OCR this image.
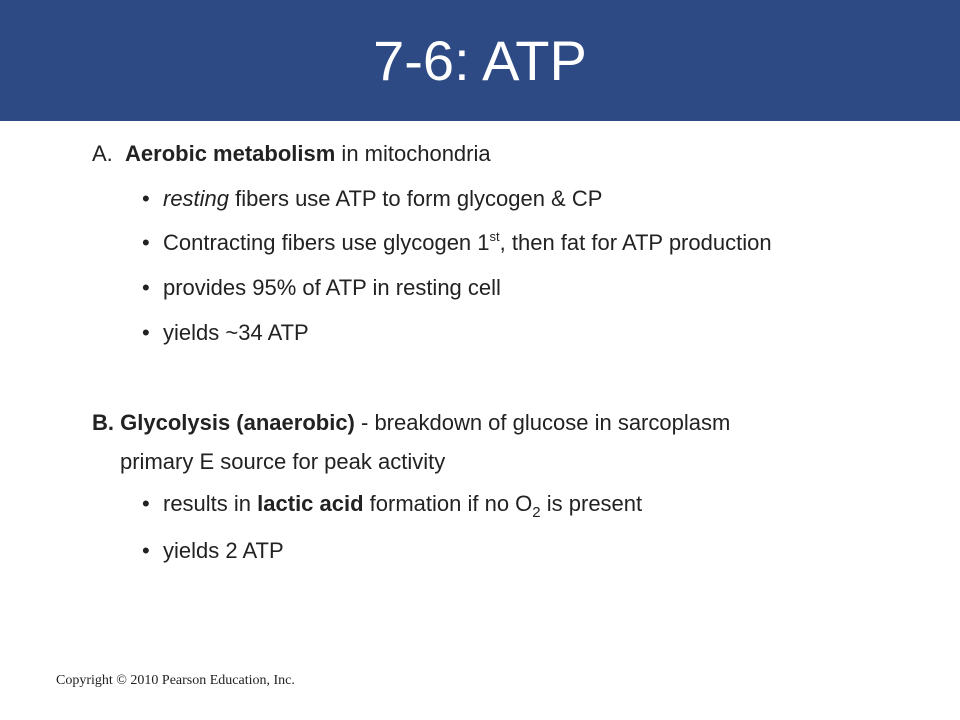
7-6: ATP
A. Aerobic metabolism in mitochondria
• resting fibers use ATP to form glycogen & CP
• Contracting fibers use glycogen 1st, then fat for ATP production
• provides 95% of ATP in resting cell
• yields ~34 ATP
B. Glycolysis (anaerobic) - breakdown of glucose in sarcoplasm
primary E source for peak activity
• results in lactic acid formation if no $O_2$ is present
• yields 2 ATP
Copyright © 2010 Pearson Education, Inc.
